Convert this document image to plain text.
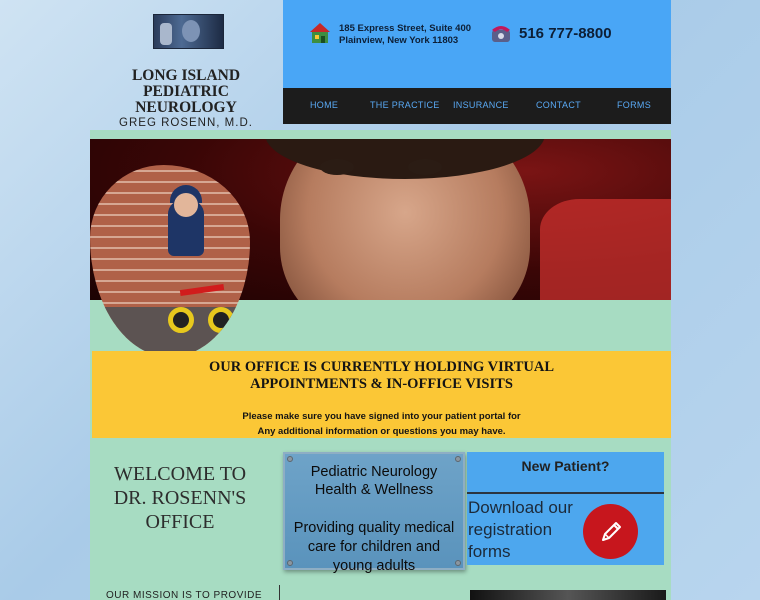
LONG ISLAND
PEDIATRIC NEUROLOGY
GREG ROSENN, M.D.
185 Express Street, Suite 400
Plainview, New York 11803	516 777-8800
HOME	THE PRACTICE INSURANCE	CONTACT	FORMS
OUR OFFICE IS CURRENTLY HOLDING VIRTUAL
APPOINTMENTS & IN-OFFICE VISITS
Please make sure you have signed into your patient portal for
Any additional information or questions you may have.
WELCOME TO
DR. ROSENN'S
OFFICE
OUR MISSION IS TO PROVIDE
Pediatric Neurology
Health & Wellness
Providing quality medical
care for children and
young adults
New Patient?
Download our
registration
forms
